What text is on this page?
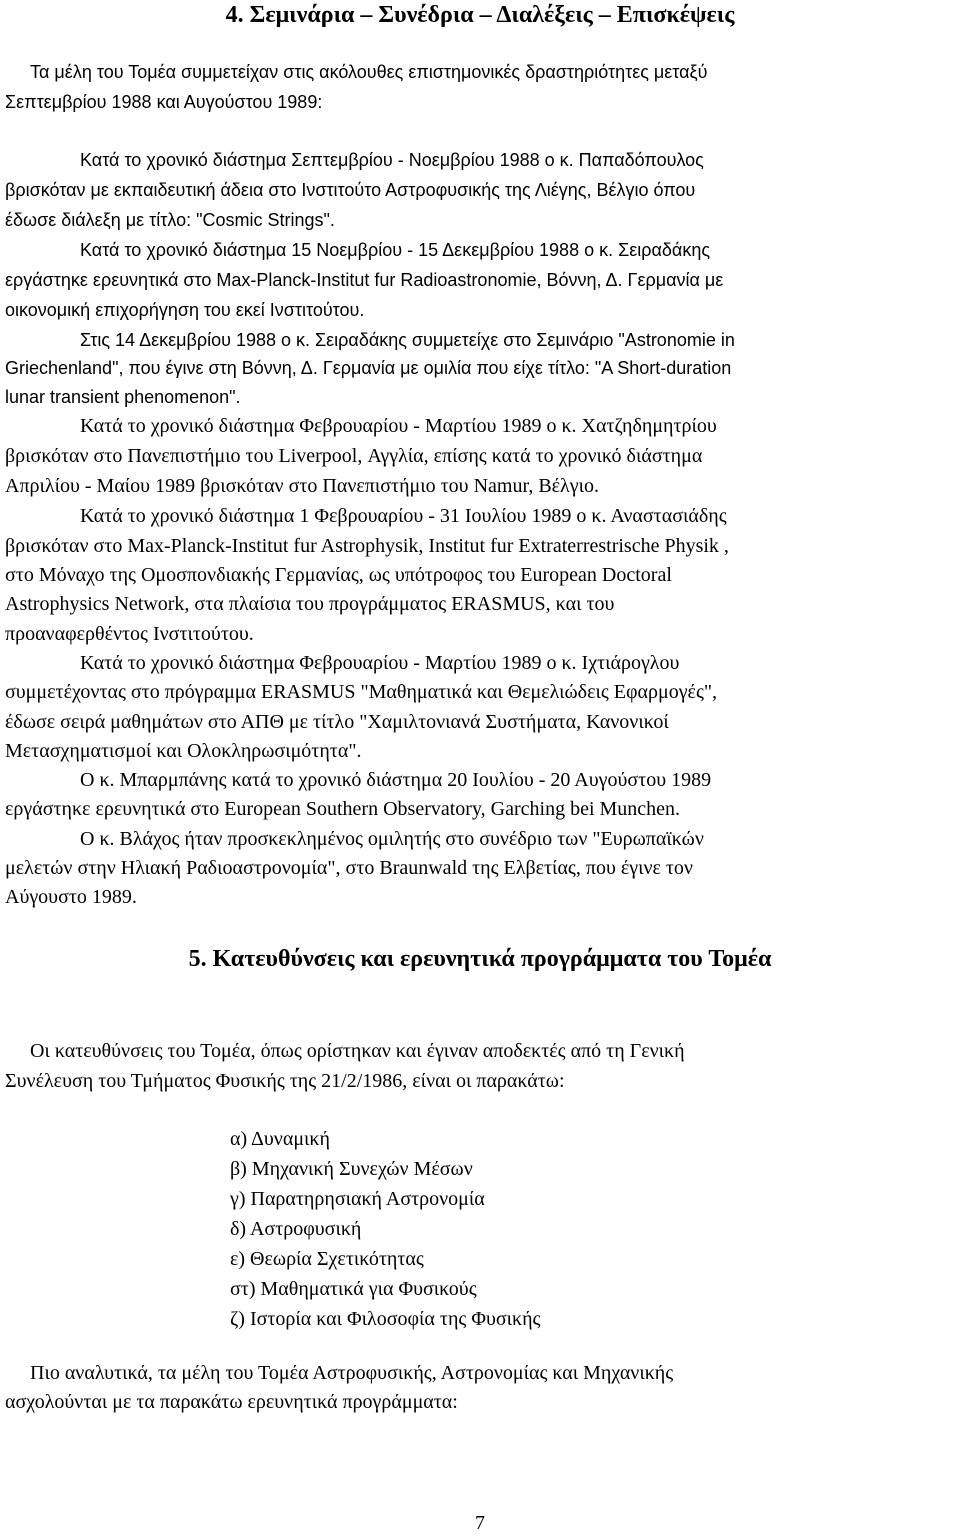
4. Σεμινάρια – Συνέδρια – Διαλέξεις – Επισκέψεις
Τα μέλη του Τομέα συμμετείχαν στις ακόλουθες επιστημονικές δραστηριότητες μεταξύ
Σεπτεμβρίου 1988 και Αυγούστου 1989:
Κατά το χρονικό διάστημα Σεπτεμβρίου - Νοεμβρίου 1988 ο κ. Παπαδόπουλος
βρισκόταν με εκπαιδευτική άδεια στο Ινστιτούτο Αστροφυσικής της Λιέγης, Βέλγιο όπου
έδωσε διάλεξη με τίτλο: "Cosmic Strings".
Κατά το χρονικό διάστημα 15 Νοεμβρίου - 15 Δεκεμβρίου 1988 ο κ. Σειραδάκης
εργάστηκε ερευνητικά στο Max-Planck-Institut fur Radioastronomie, Βόννη, Δ. Γερμανία με
οικονομική επιχορήγηση του εκεί Ινστιτούτου.
Στις 14 Δεκεμβρίου 1988 ο κ. Σειραδάκης συμμετείχε στο Σεμινάριο "Astronomie in
Griechenland", που έγινε στη Βόννη, Δ. Γερμανία με ομιλία που είχε τίτλο: "A Short-duration
lunar transient phenomenon".
Κατά το χρονικό διάστημα Φεβρουαρίου - Μαρτίου 1989 ο κ. Χατζηδημητρίου
βρισκόταν στο Πανεπιστήμιο του Liverpool, Αγγλία, επίσης κατά το χρονικό διάστημα
Απριλίου - Μαίου 1989 βρισκόταν στο Πανεπιστήμιο του Namur, Βέλγιο.
Κατά το χρονικό διάστημα 1 Φεβρουαρίου - 31 Ιουλίου 1989 ο κ. Αναστασιάδης
βρισκόταν στο Max-Planck-Institut fur Astrophysik, Institut fur Extraterrestrische Physik ,
στο Μόναχο της Ομοσπονδιακής Γερμανίας, ως υπότροφος του European Doctoral
Astrophysics Network, στα πλαίσια του προγράμματος ERASMUS, και του
προαναφερθέντος Ινστιτούτου.
Κατά το χρονικό διάστημα Φεβρουαρίου - Μαρτίου 1989 ο κ. Ιχτιάρογλου
συμμετέχοντας στο πρόγραμμα ERASMUS "Μαθηματικά και Θεμελιώδεις Εφαρμογές",
έδωσε σειρά μαθημάτων στο ΑΠΘ με τίτλο "Χαμιλτονιανά Συστήματα, Κανονικοί
Μετασχηματισμοί και Ολοκληρωσιμότητα".
Ο κ. Μπαρμπάνης κατά το χρονικό διάστημα 20 Ιουλίου - 20 Αυγούστου 1989
εργάστηκε ερευνητικά στο European Southern Observatory, Garching bei Munchen.
Ο κ. Βλάχος ήταν προσκεκλημένος ομιλητής στο συνέδριο των "Ευρωπαϊκών
μελετών στην Ηλιακή Ραδιοαστρονομία", στο Braunwald της Ελβετίας, που έγινε τον
Αύγουστο 1989.
5. Κατευθύνσεις και ερευνητικά προγράμματα του Τομέα
Οι κατευθύνσεις του Τομέα, όπως ορίστηκαν και έγιναν αποδεκτές από τη Γενική
Συνέλευση του Τμήματος Φυσικής της 21/2/1986, είναι οι παρακάτω:
α) Δυναμική
β) Μηχανική Συνεχών Μέσων
γ) Παρατηρησιακή Αστρονομία
δ) Αστροφυσική
ε) Θεωρία Σχετικότητας
στ) Μαθηματικά για Φυσικούς
ζ) Ιστορία και Φιλοσοφία της Φυσικής
Πιο αναλυτικά, τα μέλη του Τομέα Αστροφυσικής, Αστρονομίας και Μηχανικής
ασχολούνται με τα παρακάτω ερευνητικά προγράμματα:
7
